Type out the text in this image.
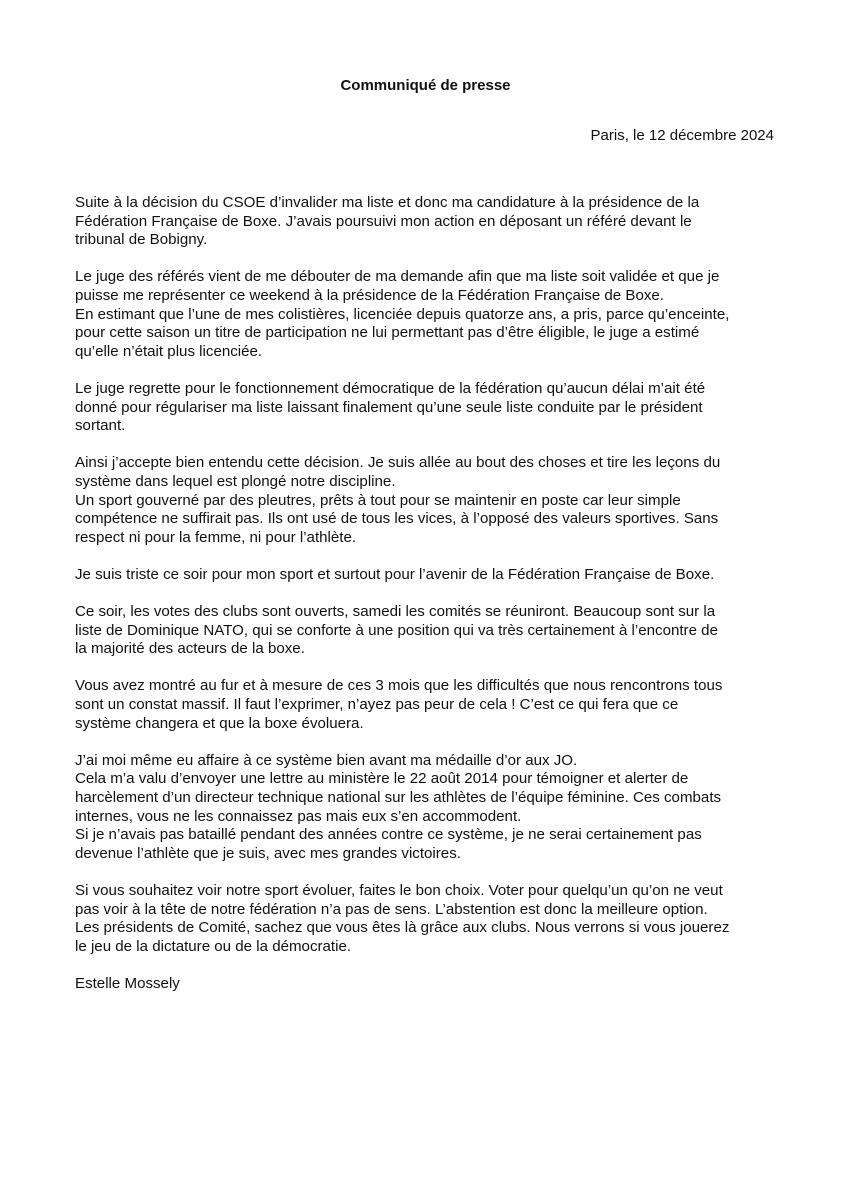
Communiqué de presse
Paris, le 12 décembre 2024

Suite à la décision du CSOE d’invalider ma liste et donc ma candidature à la présidence de la
Fédération Française de Boxe. J’avais poursuivi mon action en déposant un référé devant le
tribunal de Bobigny.

Le juge des référés vient de me débouter de ma demande afin que ma liste soit validée et que je
puisse me représenter ce weekend à la présidence de la Fédération Française de Boxe.
En estimant que l’une de mes colistières, licenciée depuis quatorze ans, a pris, parce qu’enceinte,
pour cette saison un titre de participation ne lui permettant pas d’être éligible, le juge a estimé
qu’elle n’était plus licenciée.

Le juge regrette pour le fonctionnement démocratique de la fédération qu’aucun délai m’ait été
donné pour régulariser ma liste laissant finalement qu’une seule liste conduite par le président
sortant.

Ainsi j’accepte bien entendu cette décision. Je suis allée au bout des choses et tire les leçons du
système dans lequel est plongé notre discipline.
Un sport gouverné par des pleutres, prêts à tout pour se maintenir en poste car leur simple
compétence ne suffirait pas. Ils ont usé de tous les vices, à l’opposé des valeurs sportives. Sans
respect ni pour la femme, ni pour l’athlète.

Je suis triste ce soir pour mon sport et surtout pour l’avenir de la Fédération Française de Boxe.

Ce soir, les votes des clubs sont ouverts, samedi les comités se réuniront. Beaucoup sont sur la
liste de Dominique NATO, qui se conforte à une position qui va très certainement à l’encontre de
la majorité des acteurs de la boxe.

Vous avez montré au fur et à mesure de ces 3 mois que les difficultés que nous rencontrons tous
sont un constat massif. Il faut l’exprimer, n’ayez pas peur de cela ! C’est ce qui fera que ce
système changera et que la boxe évoluera.

J’ai moi même eu affaire à ce système bien avant ma médaille d’or aux JO.
Cela m’a valu d’envoyer une lettre au ministère le 22 août 2014 pour témoigner et alerter de
harcèlement d’un directeur technique national sur les athlètes de l’équipe féminine. Ces combats
internes, vous ne les connaissez pas mais eux s’en accommodent.
Si je n’avais pas bataillé pendant des années contre ce système, je ne serai certainement pas
devenue l’athlète que je suis, avec mes grandes victoires.

Si vous souhaitez voir notre sport évoluer, faites le bon choix. Voter pour quelqu’un qu’on ne veut
pas voir à la tête de notre fédération n’a pas de sens. L’abstention est donc la meilleure option.
Les présidents de Comité, sachez que vous êtes là grâce aux clubs. Nous verrons si vous jouerez
le jeu de la dictature ou de la démocratie.

Estelle Mossely
